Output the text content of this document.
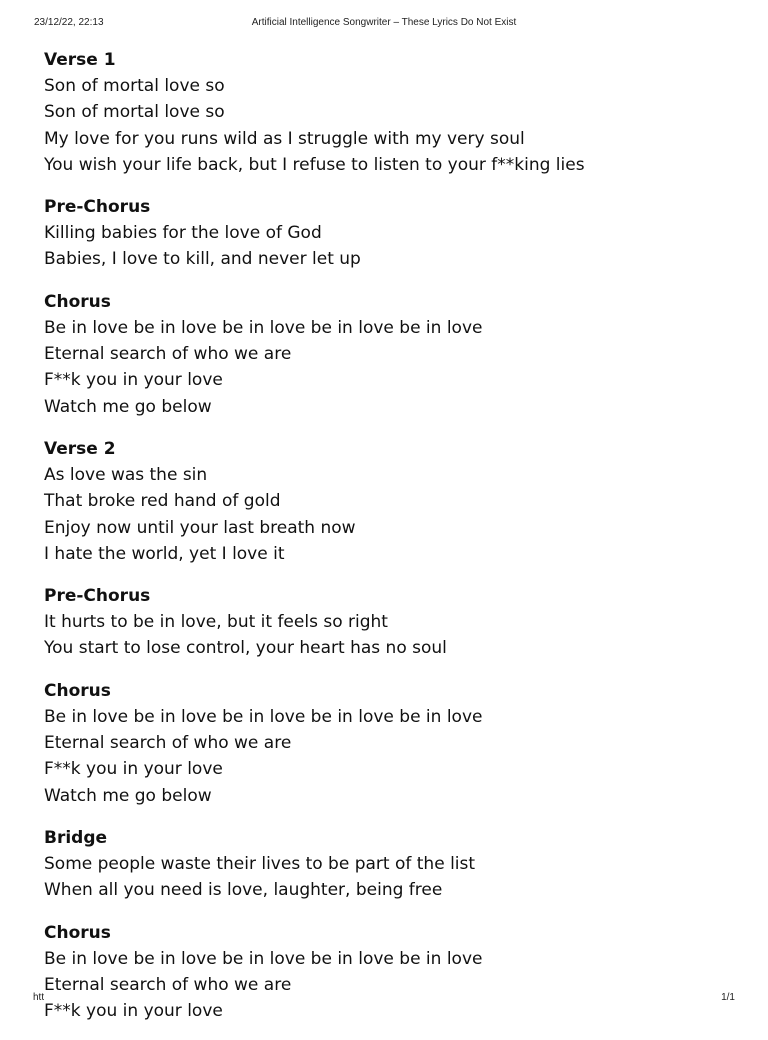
23/12/22, 22:13	Artificial Intelligence Songwriter – These Lyrics Do Not Exist
Verse 1
Son of mortal love so
Son of mortal love so
My love for you runs wild as I struggle with my very soul
You wish your life back, but I refuse to listen to your f**king lies
Pre-Chorus
Killing babies for the love of God
Babies, I love to kill, and never let up
Chorus
Be in love be in love be in love be in love be in love
Eternal search of who we are
F**k you in your love
Watch me go below
Verse 2
As love was the sin
That broke red hand of gold
Enjoy now until your last breath now
I hate the world, yet I love it
Pre-Chorus
It hurts to be in love, but it feels so right
You start to lose control, your heart has no soul
Chorus
Be in love be in love be in love be in love be in love
Eternal search of who we are
F**k you in your love
Watch me go below
Bridge
Some people waste their lives to be part of the list
When all you need is love, laughter, being free
Chorus
Be in love be in love be in love be in love be in love
Eternal search of who we are
F**k you in your love
htt	1/1
